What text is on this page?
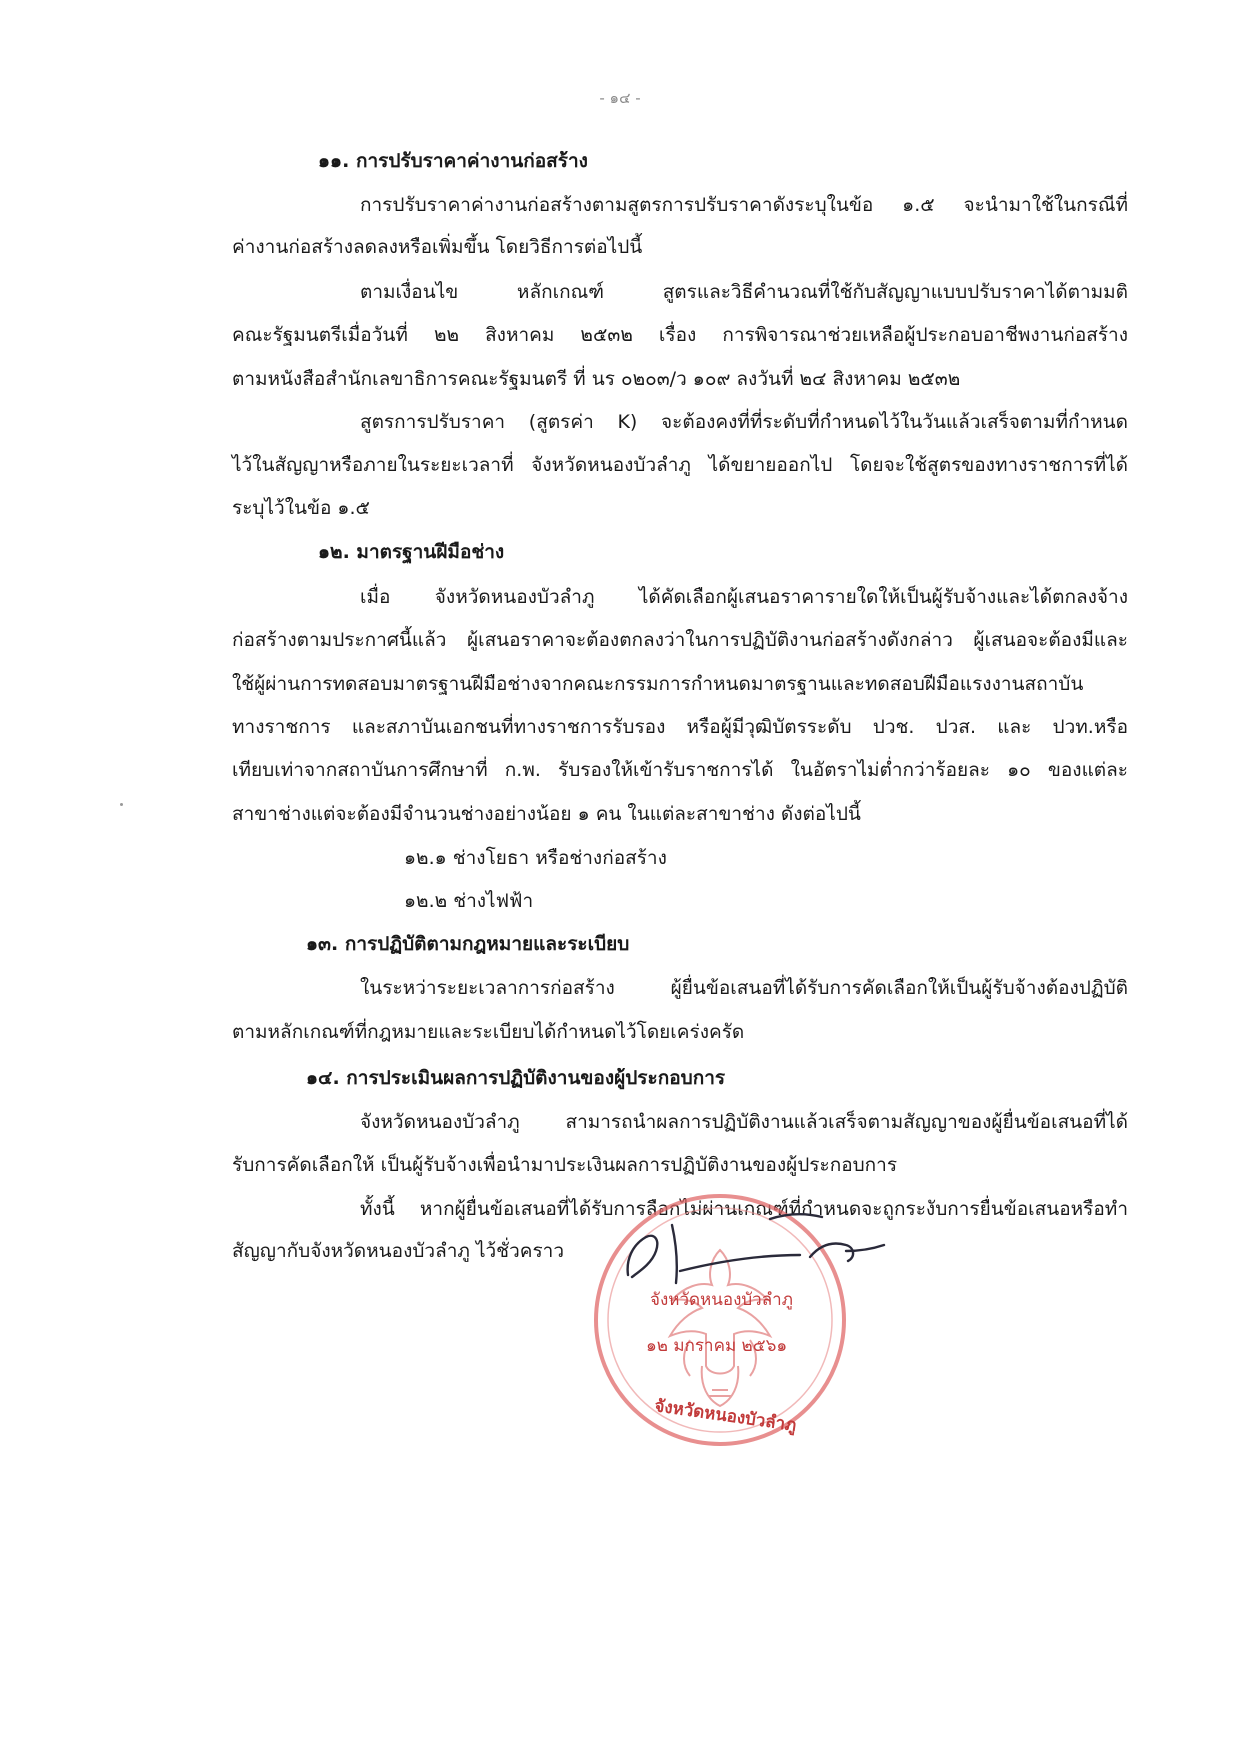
- ๑๔ -
๑๑. การปรับราคาค่างานก่อสร้าง
การปรับราคาค่างานก่อสร้างตามสูตรการปรับราคาดังระบุในข้อ ๑.๕ จะนำมาใช้ในกรณีที่
ค่างานก่อสร้างลดลงหรือเพิ่มขึ้น โดยวิธีการต่อไปนี้
ตามเงื่อนไข หลักเกณฑ์ สูตรและวิธีคำนวณที่ใช้กับสัญญาแบบปรับราคาได้ตามมติ
คณะรัฐมนตรีเมื่อวันที่ ๒๒ สิงหาคม ๒๕๓๒ เรื่อง การพิจารณาช่วยเหลือผู้ประกอบอาชีพงานก่อสร้าง
ตามหนังสือสำนักเลขาธิการคณะรัฐมนตรี ที่ นร ๐๒๐๓/ว ๑๐๙ ลงวันที่ ๒๔ สิงหาคม ๒๕๓๒
สูตรการปรับราคา (สูตรค่า K) จะต้องคงที่ที่ระดับที่กำหนดไว้ในวันแล้วเสร็จตามที่กำหนด
ไว้ในสัญญาหรือภายในระยะเวลาที่ จังหวัดหนองบัวลำภู ได้ขยายออกไป โดยจะใช้สูตรของทางราชการที่ได้
ระบุไว้ในข้อ ๑.๕
๑๒. มาตรฐานฝีมือช่าง
เมื่อ จังหวัดหนองบัวลำภู ได้คัดเลือกผู้เสนอราคารายใดให้เป็นผู้รับจ้างและได้ตกลงจ้าง
ก่อสร้างตามประกาศนี้แล้ว ผู้เสนอราคาจะต้องตกลงว่าในการปฏิบัติงานก่อสร้างดังกล่าว ผู้เสนอจะต้องมีและ
ใช้ผู้ผ่านการทดสอบมาตรฐานฝีมือช่างจากคณะกรรมการกำหนดมาตรฐานและทดสอบฝีมือแรงงานสถาบัน
ทางราชการ และสภาบันเอกชนที่ทางราชการรับรอง หรือผู้มีวุฒิบัตรระดับ ปวช. ปวส. และ ปวท.หรือ
เทียบเท่าจากสถาบันการศึกษาที่ ก.พ. รับรองให้เข้ารับราชการได้ ในอัตราไม่ต่ำกว่าร้อยละ ๑๐ ของแต่ละ
สาขาช่างแต่จะต้องมีจำนวนช่างอย่างน้อย ๑ คน ในแต่ละสาขาช่าง ดังต่อไปนี้
๑๒.๑ ช่างโยธา หรือช่างก่อสร้าง
๑๒.๒ ช่างไฟฟ้า
๑๓. การปฏิบัติตามกฎหมายและระเบียบ
ในระหว่าระยะเวลาการก่อสร้าง ผู้ยื่นข้อเสนอที่ได้รับการคัดเลือกให้เป็นผู้รับจ้างต้องปฏิบัติ
ตามหลักเกณฑ์ที่กฎหมายและระเบียบได้กำหนดไว้โดยเคร่งครัด
๑๔. การประเมินผลการปฏิบัติงานของผู้ประกอบการ
จังหวัดหนองบัวลำภู สามารถนำผลการปฏิบัติงานแล้วเสร็จตามสัญญาของผู้ยื่นข้อเสนอที่ได้
รับการคัดเลือกให้ เป็นผู้รับจ้างเพื่อนำมาประเงินผลการปฏิบัติงานของผู้ประกอบการ
ทั้งนี้ หากผู้ยื่นข้อเสนอที่ได้รับการลือกไม่ผ่านเกณฑ์ที่กำหนดจะถูกระงับการยื่นข้อเสนอหรือทำ
สัญญากับจังหวัดหนองบัวลำภู ไว้ชั่วคราว
จังหวัดหนองบัวลำภู
๑๒ มกราคม ๒๕๖๑
จังหวัดหนองบัวลำภู
